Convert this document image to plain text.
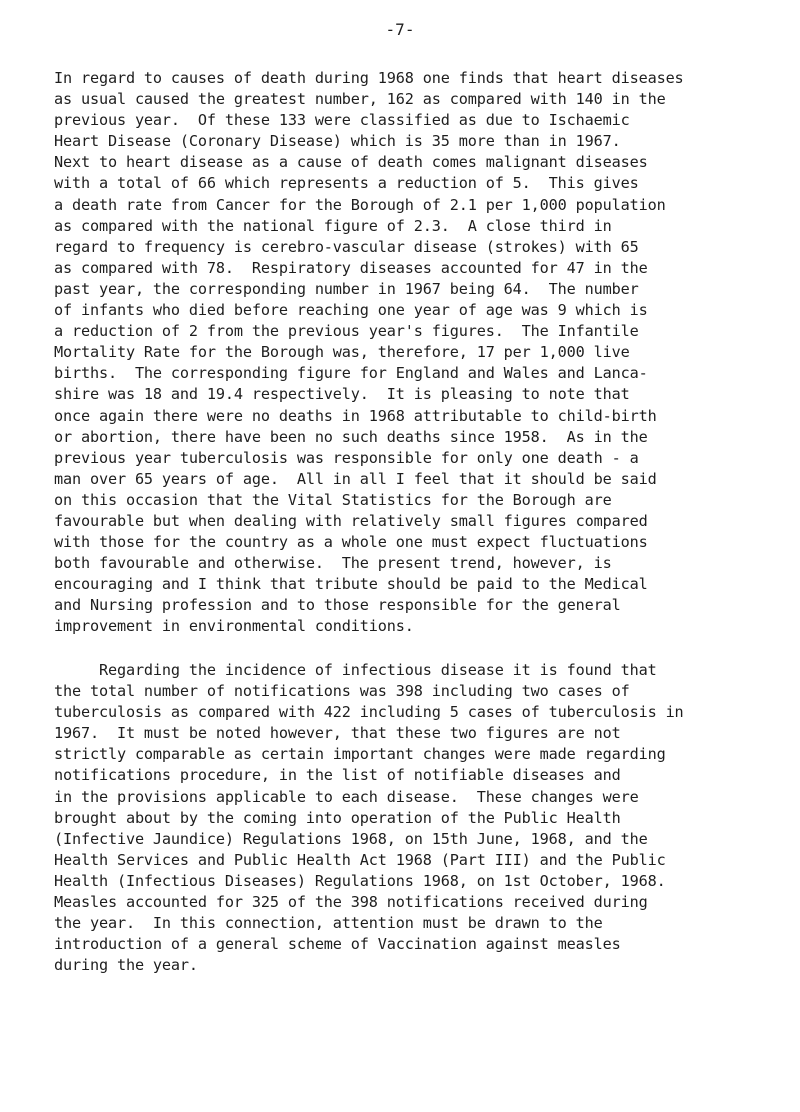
-7-
In regard to causes of death during 1968 one finds that heart diseases
as usual caused the greatest number, 162 as compared with 140 in the
previous year.  Of these 133 were classified as due to Ischaemic
Heart Disease (Coronary Disease) which is 35 more than in 1967.
Next to heart disease as a cause of death comes malignant diseases
with a total of 66 which represents a reduction of 5.  This gives
a death rate from Cancer for the Borough of 2.1 per 1,000 population
as compared with the national figure of 2.3.  A close third in
regard to frequency is cerebro-vascular disease (strokes) with 65
as compared with 78.  Respiratory diseases accounted for 47 in the
past year, the corresponding number in 1967 being 64.  The number
of infants who died before reaching one year of age was 9 which is
a reduction of 2 from the previous year's figures.  The Infantile
Mortality Rate for the Borough was, therefore, 17 per 1,000 live
births.  The corresponding figure for England and Wales and Lanca-
shire was 18 and 19.4 respectively.  It is pleasing to note that
once again there were no deaths in 1968 attributable to child-birth
or abortion, there have been no such deaths since 1958.  As in the
previous year tuberculosis was responsible for only one death - a
man over 65 years of age.  All in all I feel that it should be said
on this occasion that the Vital Statistics for the Borough are
favourable but when dealing with relatively small figures compared
with those for the country as a whole one must expect fluctuations
both favourable and otherwise.  The present trend, however, is
encouraging and I think that tribute should be paid to the Medical
and Nursing profession and to those responsible for the general
improvement in environmental conditions.
Regarding the incidence of infectious disease it is found that
the total number of notifications was 398 including two cases of
tuberculosis as compared with 422 including 5 cases of tuberculosis in
1967.  It must be noted however, that these two figures are not
strictly comparable as certain important changes were made regarding
notifications procedure, in the list of notifiable diseases and
in the provisions applicable to each disease.  These changes were
brought about by the coming into operation of the Public Health
(Infective Jaundice) Regulations 1968, on 15th June, 1968, and the
Health Services and Public Health Act 1968 (Part III) and the Public
Health (Infectious Diseases) Regulations 1968, on 1st October, 1968.
Measles accounted for 325 of the 398 notifications received during
the year.  In this connection, attention must be drawn to the
introduction of a general scheme of Vaccination against measles
during the year.
